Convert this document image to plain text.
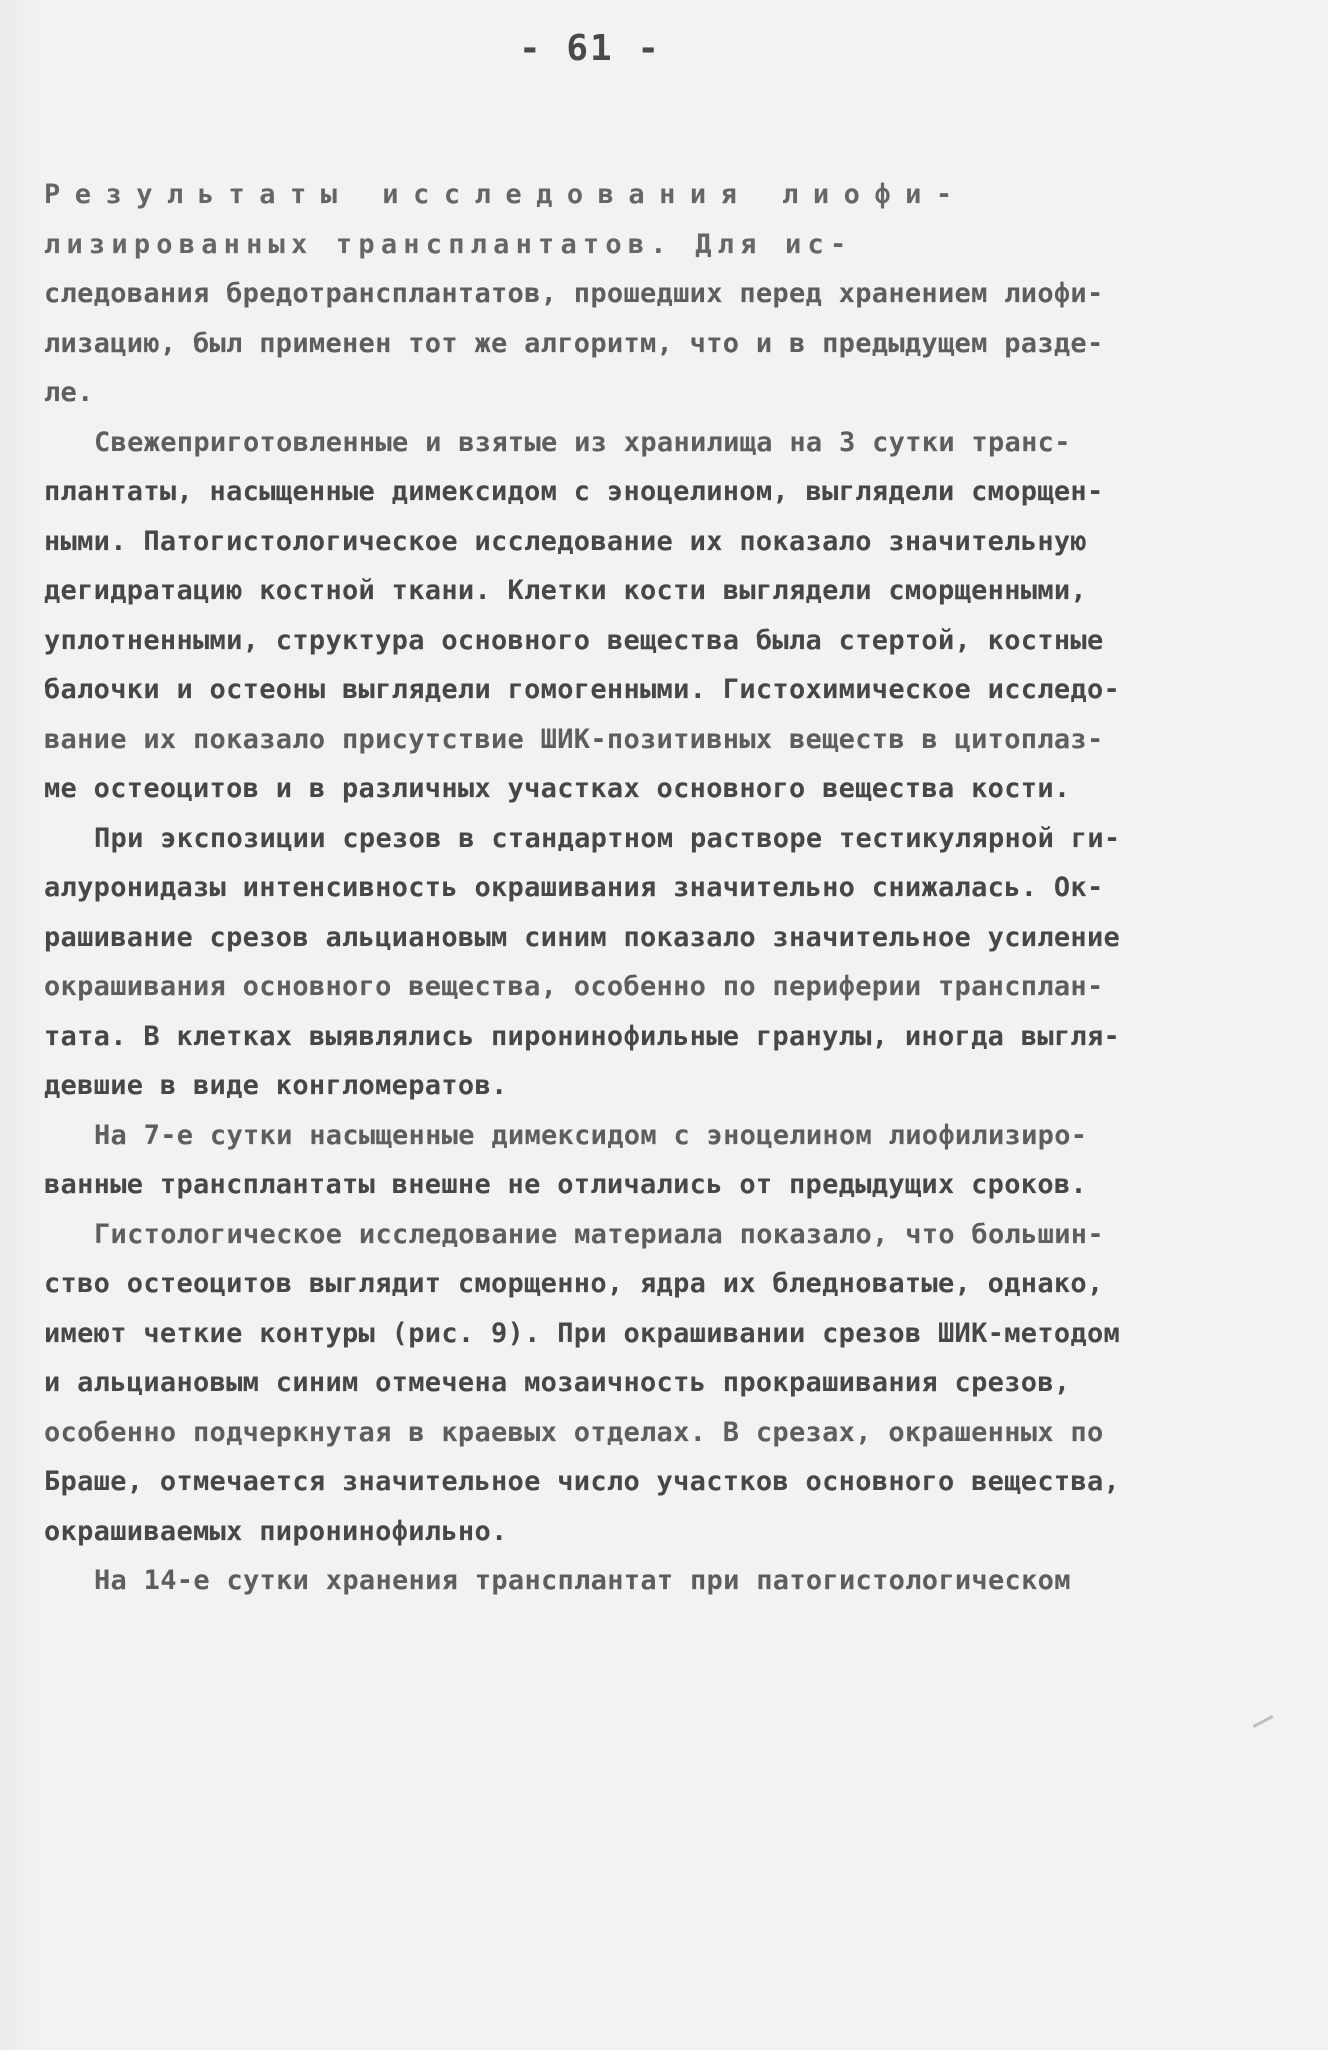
- 61 -
Результаты исследования лиофи-
лизированных трансплантатов. Для ис-
следования бредотрансплантатов, прошедших перед хранением лиофи-
лизацию, был применен тот же алгоритм, что и в предыдущем разде-
ле.
Свежеприготовленные и взятые из хранилища на 3 сутки транс-
плантаты, насыщенные димексидом с эноцелином, выглядели сморщен-
ными. Патогистологическое исследование их показало значительную
дегидратацию костной ткани. Клетки кости выглядели сморщенными,
уплотненными, структура основного вещества была стертой, костные
балочки и остеоны выглядели гомогенными. Гистохимическое исследо-
вание их показало присутствие ШИК-позитивных веществ в цитоплаз-
ме остеоцитов и в различных участках основного вещества кости.
При экспозиции срезов в стандартном растворе тестикулярной ги-
алуронидазы интенсивность окрашивания значительно снижалась. Ок-
рашивание срезов альциановым синим показало значительное усиление
окрашивания основного вещества, особенно по периферии трансплан-
тата. В клетках выявлялись пиронинофильные гранулы, иногда выгля-
девшие в виде конгломератов.
На 7-е сутки насыщенные димексидом с эноцелином лиофилизиро-
ванные трансплантаты внешне не отличались от предыдущих сроков.
Гистологическое исследование материала показало, что большин-
ство остеоцитов выглядит сморщенно, ядра их бледноватые, однако,
имеют четкие контуры (рис. 9). При окрашивании срезов ШИК-методом
и альциановым синим отмечена мозаичность прокрашивания срезов,
особенно подчеркнутая в краевых отделах. В срезах, окрашенных по
Браше, отмечается значительное число участков основного вещества,
окрашиваемых пиронинофильно.
На 14-е сутки хранения трансплантат при патогистологическом
